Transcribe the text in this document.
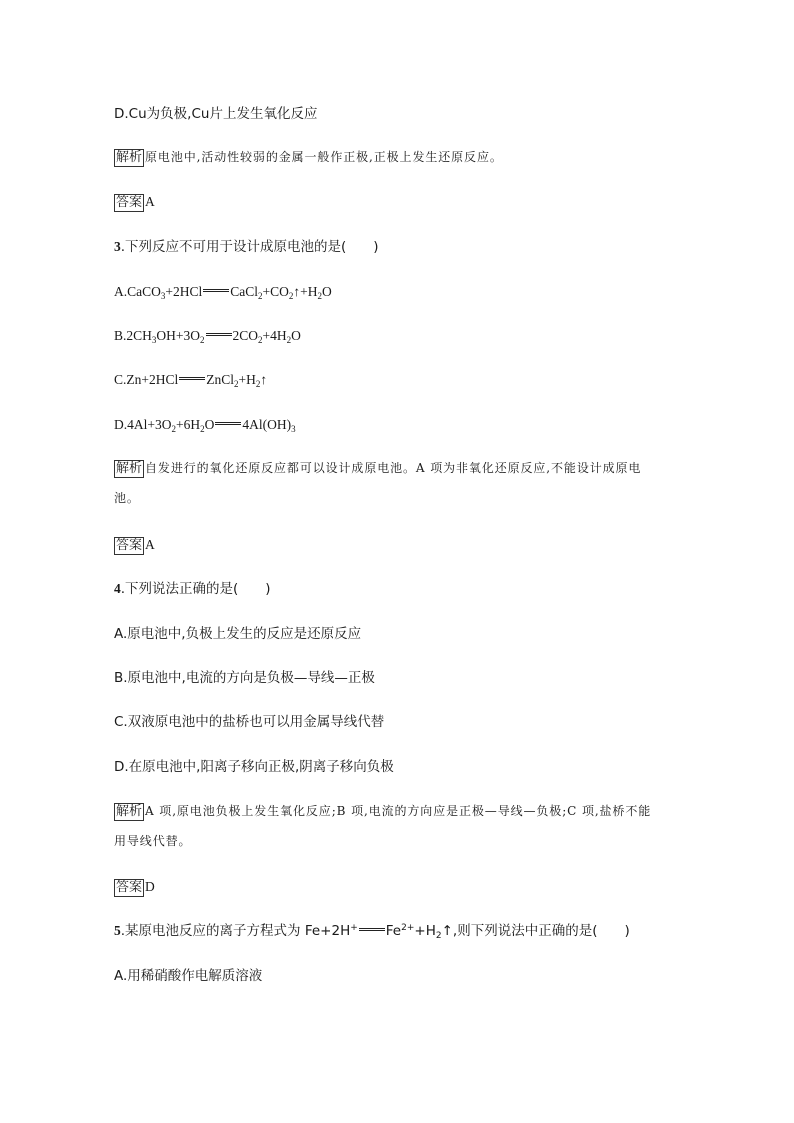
D.Cu为负极,Cu片上发生氧化反应
解析 原电池中,活动性较弱的金属一般作正极,正极上发生还原反应。
答案 A
3.下列反应不可用于设计成原电池的是(　　)
A.CaCO$_3$+2HCl $CaCl_2+CO_2↑+H_2O$
$B.2CH_3OH+3O_2$ $2CO_2+4H_2O$
C.Zn+2HCl $ZnCl_2+H_2↑$
$D.4Al+3O_2+6H_2O$ $4Al(OH)_3$
解析 自发进行的氧化还原反应都可以设计成原电池。A 项为非氧化还原反应,不能设计成原电
池。
答案 A
4.下列说法正确的是(　　)
A.原电池中,负极上发生的反应是还原反应
B.原电池中,电流的方向是负极—导线—正极
C.双液原电池中的盐桥也可以用金属导线代替
D.在原电池中,阳离子移向正极,阴离子移向负极
解析 A 项,原电池负极上发生氧化反应;B 项,电流的方向应是正极—导线—负极;C 项,盐桥不能
用导线代替。
答案 D
5.某原电池反应的离子方程式为 Fe+2H+ $Fe^{2+}+H_2↑$,则下列说法中正确的是(　　)
A.用稀硝酸作电解质溶液
